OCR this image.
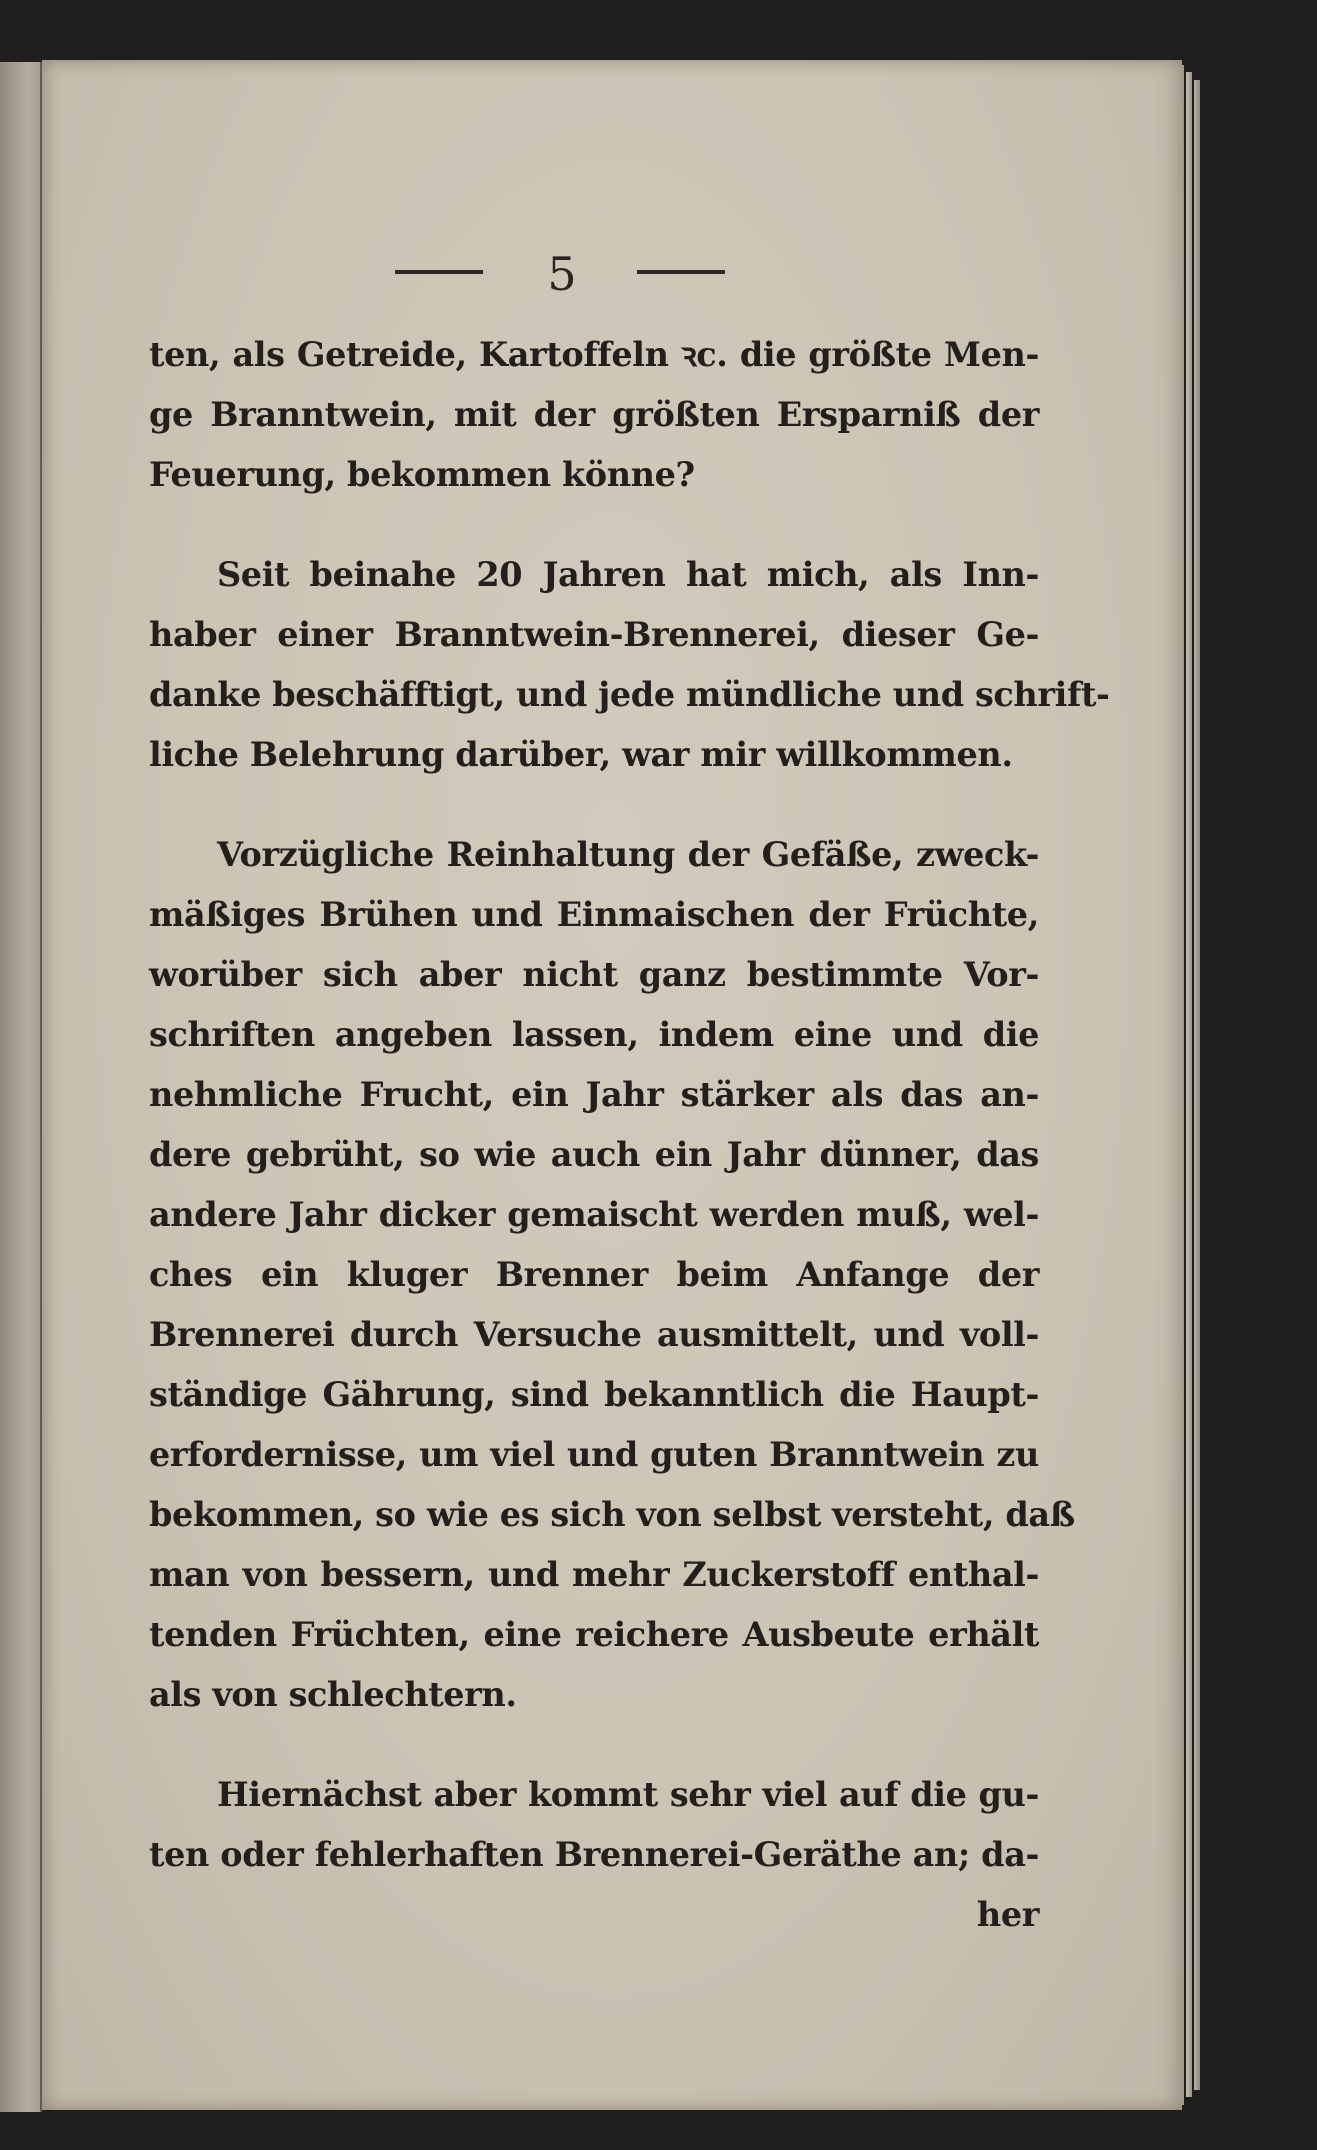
5
ten, als Getreide, Kartoffeln ꝛc. die größte Men-
ge Branntwein, mit der größten Ersparniß der
Feuerung, bekommen könne?
Seit beinahe 20 Jahren hat mich, als Inn-
haber einer Branntwein-Brennerei, dieser Ge-
danke beschäfftigt, und jede mündliche und schrift-
liche Belehrung darüber, war mir willkommen.
Vorzügliche Reinhaltung der Gefäße, zweck-
mäßiges Brühen und Einmaischen der Früchte,
worüber sich aber nicht ganz bestimmte Vor-
schriften angeben lassen, indem eine und die
nehmliche Frucht, ein Jahr stärker als das an-
dere gebrüht, so wie auch ein Jahr dünner, das
andere Jahr dicker gemaischt werden muß, wel-
ches ein kluger Brenner beim Anfange der
Brennerei durch Versuche ausmittelt, und voll-
ständige Gährung, sind bekanntlich die Haupt-
erfordernisse, um viel und guten Branntwein zu
bekommen, so wie es sich von selbst versteht, daß
man von bessern, und mehr Zuckerstoff enthal-
tenden Früchten, eine reichere Ausbeute erhält
als von schlechtern.
Hiernächst aber kommt sehr viel auf die gu-
ten oder fehlerhaften Brennerei-Geräthe an; da-
her
